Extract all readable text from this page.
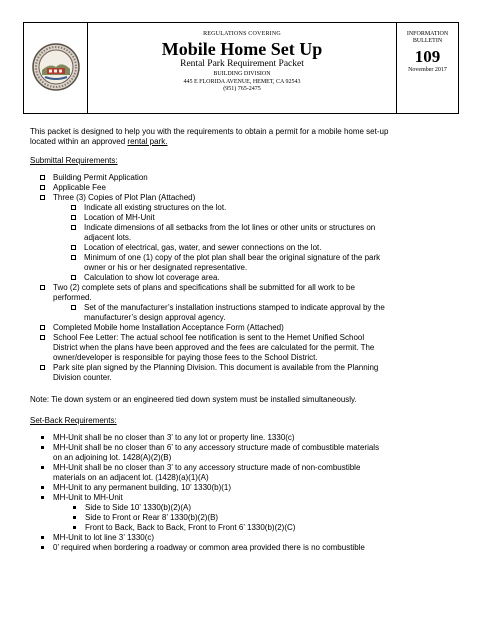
REGULATIONS COVERING
Mobile Home Set Up
Rental Park Requirement Packet
BUILDING DIVISION
445 E FLORIDA AVENUE, HEMET, CA 92543
(951) 765-2475
INFORMATION
BULLETIN
109
November 2017
This packet is designed to help you with the requirements to obtain a permit for a mobile home set-up
located within an approved rental park.
Submittal Requirements:
Building Permit Application
Applicable Fee
Three (3) Copies of Plot Plan (Attached)
Indicate all existing structures on the lot.
Location of MH-Unit
Indicate dimensions of all setbacks from the lot lines or other units or structures on
adjacent lots.
Location of electrical, gas, water, and sewer connections on the lot.
Minimum of one (1) copy of the plot plan shall bear the original signature of the park
owner or his or her designated representative.
Calculation to show lot coverage area.
Two (2) complete sets of plans and specifications shall be submitted for all work to be
performed.
Set of the manufacturer’s installation instructions stamped to indicate approval by the
manufacturer’s design approval agency.
Completed Mobile home Installation Acceptance Form (Attached)
School Fee Letter: The actual school fee notification is sent to the Hemet Unified School
District when the plans have been approved and the fees are calculated for the permit. The
owner/developer is responsible for paying those fees to the School District.
Park site plan signed by the Planning Division. This document is available from the Planning
Division counter.
Note: Tie down system or an engineered tied down system must be installed simultaneously.
Set-Back Requirements:
MH-Unit shall be no closer than 3’ to any lot or property line. 1330(c)
MH-Unit shall be no closer than 6’ to any accessory structure made of combustible materials
on an adjoining lot. 1428(A)(2)(B)
MH-Unit shall be no closer than 3’ to any accessory structure made of non-combustible
materials on an adjacent lot. (1428)(a)(1)(A)
MH-Unit to any permanent building, 10’ 1330(b)(1)
MH-Unit to MH-Unit
Side to Side 10’ 1330(b)(2)(A)
Side to Front or Rear 8’ 1330(b)(2)(B)
Front to Back, Back to Back, Front to Front 6’ 1330(b)(2)(C)
MH-Unit to lot line 3’ 1330(c)
0’ required when bordering a roadway or common area provided there is no combustible
